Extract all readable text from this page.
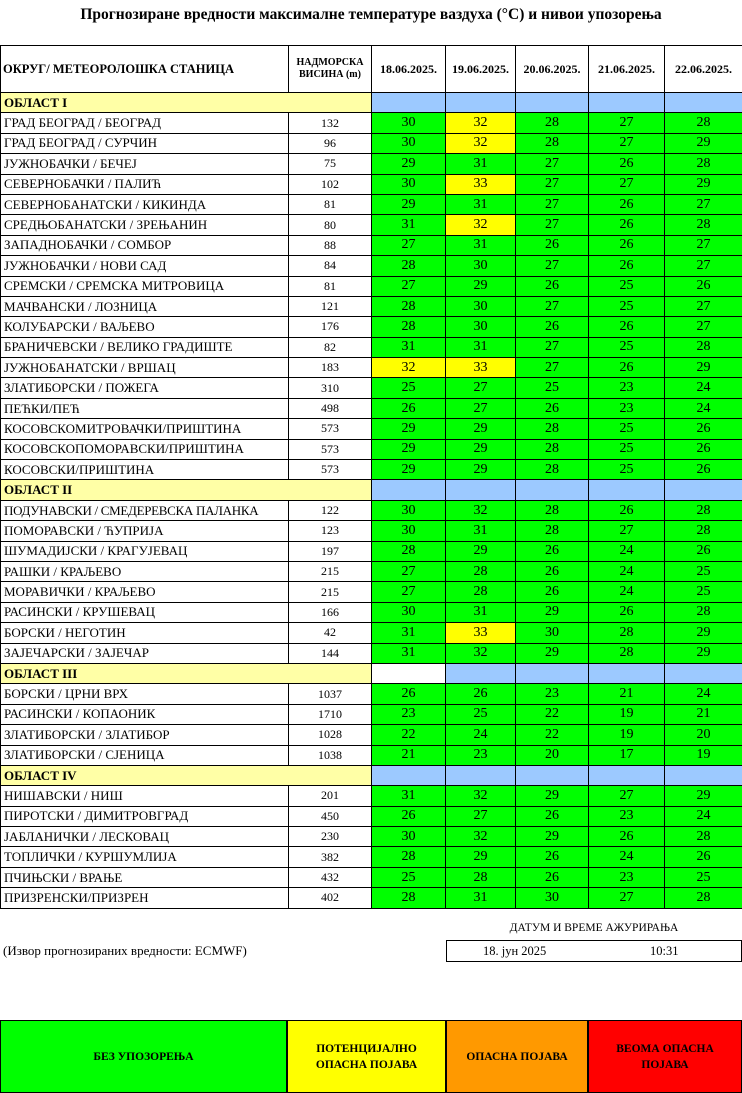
Прогнозиране вредности максималне температуре ваздуха (°C) и нивои упозорења
ОКРУГ/ МЕТЕОРОЛОШКА СТАНИЦА	НАДМОРСКА
ВИСИНА (m)	18.06.2025.	19.06.2025.	20.06.2025.	21.06.2025.	22.06.2025.
ОБЛАСТ I						
ГРАД БЕОГРАД / БЕОГРАД	132	30	32	28	27	28
ГРАД БЕОГРАД / СУРЧИН	96	30	32	28	27	29
ЈУЖНОБАЧКИ / БЕЧЕЈ	75	29	31	27	26	28
СЕВЕРНОБАЧКИ / ПАЛИЋ	102	30	33	27	27	29
СЕВЕРНОБАНАТСКИ / КИКИНДА	81	29	31	27	26	27
СРЕДЊОБАНАТСКИ / ЗРЕЊАНИН	80	31	32	27	26	28
ЗАПАДНОБАЧКИ / СОМБОР	88	27	31	26	26	27
ЈУЖНОБАЧКИ / НОВИ САД	84	28	30	27	26	27
СРЕМСКИ / СРЕМСКА МИТРОВИЦА	81	27	29	26	25	26
МАЧВАНСКИ / ЛОЗНИЦА	121	28	30	27	25	27
КОЛУБАРСКИ / ВАЉЕВО	176	28	30	26	26	27
БРАНИЧЕВСКИ / ВЕЛИКО ГРАДИШТЕ	82	31	31	27	25	28
ЈУЖНОБАНАТСКИ / ВРШАЦ	183	32	33	27	26	29
ЗЛАТИБОРСКИ / ПОЖЕГА	310	25	27	25	23	24
ПЕЋКИ/ПЕЋ	498	26	27	26	23	24
КОСОВСКОМИТРОВАЧКИ/ПРИШТИНА	573	29	29	28	25	26
КОСОВСКОПОМОРАВСКИ/ПРИШТИНА	573	29	29	28	25	26
КОСОВСКИ/ПРИШТИНА	573	29	29	28	25	26
ОБЛАСТ II						
ПОДУНАВСКИ / СМЕДЕРЕВСКА ПАЛАНКА	122	30	32	28	26	28
ПОМОРАВСКИ / ЋУПРИЈА	123	30	31	28	27	28
ШУМАДИЈСКИ / КРАГУЈЕВАЦ	197	28	29	26	24	26
РАШКИ / КРАЉЕВО	215	27	28	26	24	25
МОРАВИЧКИ / КРАЉЕВО	215	27	28	26	24	25
РАСИНСКИ / КРУШЕВАЦ	166	30	31	29	26	28
БОРСКИ / НЕГОТИН	42	31	33	30	28	29
ЗАЈЕЧАРСКИ / ЗАЈЕЧАР	144	31	32	29	28	29
ОБЛАСТ III						
БОРСКИ / ЦРНИ ВРХ	1037	26	26	23	21	24
РАСИНСКИ / КОПАОНИК	1710	23	25	22	19	21
ЗЛАТИБОРСКИ / ЗЛАТИБОР	1028	22	24	22	19	20
ЗЛАТИБОРСКИ / СЈЕНИЦА	1038	21	23	20	17	19
ОБЛАСТ IV						
НИШАВСКИ / НИШ	201	31	32	29	27	29
ПИРОТСКИ / ДИМИТРОВГРАД	450	26	27	26	23	24
ЈАБЛАНИЧКИ / ЛЕСКОВАЦ	230	30	32	29	26	28
ТОПЛИЧКИ / КУРШУМЛИЈА	382	28	29	26	24	26
ПЧИЊСКИ / ВРАЊЕ	432	25	28	26	23	25
ПРИЗРЕНСКИ/ПРИЗРЕН	402	28	31	30	27	28
ДАТУМ И ВРЕМЕ АЖУРИРАЊА
(Извор прогнозираних вредности: ECMWF)	18. јун 2025	10:31
БЕЗ УПОЗОРЕЊА
ПОТЕНЦИЈАЛНО ОПАСНА ПОЈАВА
ОПАСНА ПОЈАВА
ВЕОМА ОПАСНА ПОЈАВА
